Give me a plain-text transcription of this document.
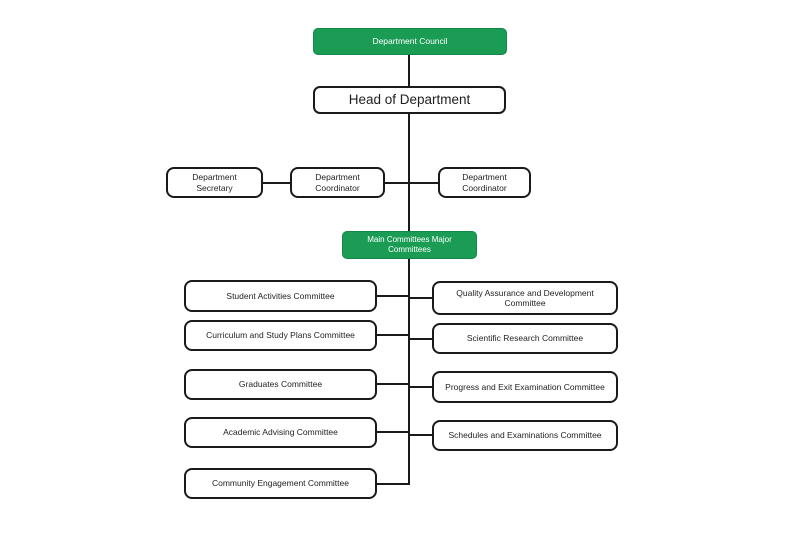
Department Council
Head of Department
Department Secretary
Department Coordinator
Department Coordinator
Main Committees Major Committees
Student Activities Committee
Curriculum and Study Plans Committee
Graduates Committee
Academic Advising Committee
Community Engagement Committee
Quality Assurance and Development Committee
Scientific Research Committee
Progress and Exit Examination Committee
Schedules and Examinations Committee
